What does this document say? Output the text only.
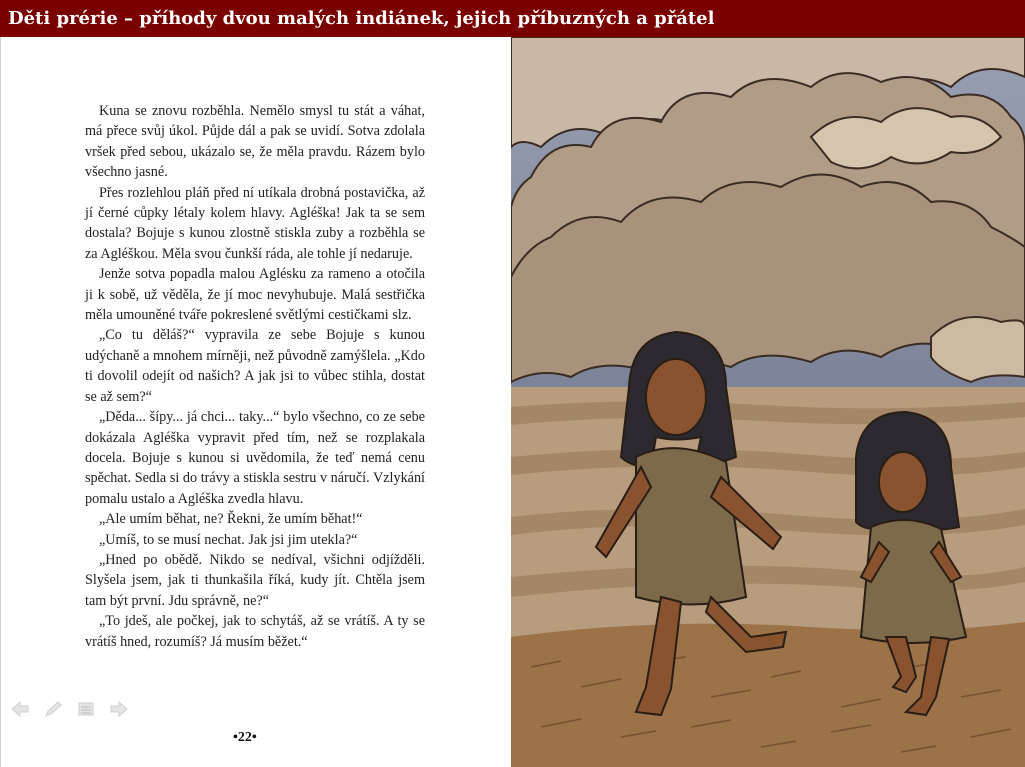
Děti prérie – příhody dvou malých indiánek, jejich příbuzných a přátel

Kuna se znovu rozběhla. Nemělo smysl tu stát a váhat, má přece svůj úkol. Půjde dál a pak se uvidí. Sotva zdolala vršek před sebou, ukázalo se, že měla pravdu. Rázem bylo všechno jasné.

Přes rozlehlou pláň před ní utíkala drobná postavička, až jí černé cůpky létaly kolem hlavy. Agléška! Jak ta se sem dostala? Bojuje s kunou zlostně stiskla zuby a rozběhla se za Agléškou. Měla svou čunkší ráda, ale tohle jí nedaruje.

Jenže sotva popadla malou Aglésku za rameno a otočila ji k sobě, už věděla, že jí moc nevyhubuje. Malá sestřička měla umouněné tváře pokreslené světlými cestičkami slz.

„Co tu děláš?“ vypravila ze sebe Bojuje s kunou udýchaně a mnohem mírněji, než původně zamýšlela. „Kdo ti dovolil odejít od našich? A jak jsi to vůbec stihla, dostat se až sem?“

„Děda... šípy... já chci... taky...“ bylo všechno, co ze sebe dokázala Agléška vypravit před tím, než se rozplakala docela. Bojuje s kunou si uvědomila, že teď nemá cenu spěchat. Sedla si do trávy a stiskla sestru v náručí. Vzlykání pomalu ustalo a Agléška zvedla hlavu.

„Ale umím běhat, ne? Řekni, že umím běhat!“

„Umíš, to se musí nechat. Jak jsi jim utekla?“

„Hned po obědě. Nikdo se nedíval, všichni odjížděli. Slyšela jsem, jak ti thunkašila říká, kudy jít. Chtěla jsem tam být první. Jdu správně, ne?“

„To jdeš, ale počkej, jak to schytáš, až se vrátíš. A ty se vrátíš hned, rozumíš? Já musím běžet.“

•22•
